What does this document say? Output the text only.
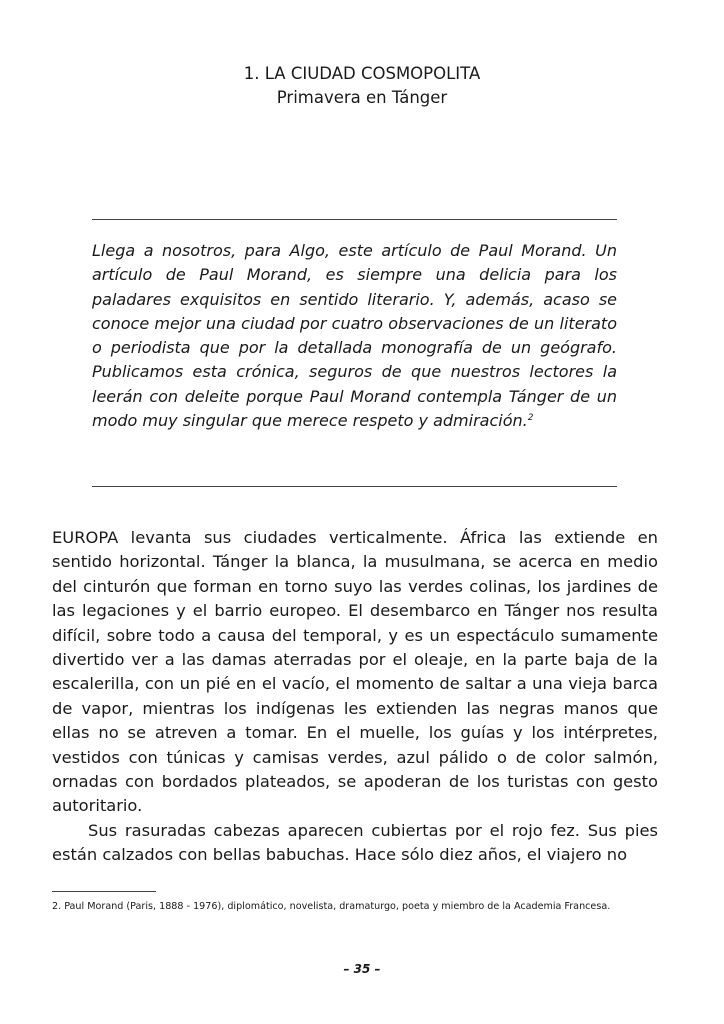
1. LA CIUDAD COSMOPOLITA
Primavera en Tánger

Llega a nosotros, para Algo, este artículo de Paul Morand. Un artículo de Paul Morand, es siempre una delicia para los paladares exquisitos en sentido literario. Y, además, acaso se conoce mejor una ciudad por cuatro observaciones de un literato o periodista que por la detallada monografía de un geógrafo. Publicamos esta crónica, seguros de que nuestros lectores la leerán con deleite porque Paul Morand contempla Tánger de un modo muy singular que merece respeto y admiración.$^2$

EUROPA levanta sus ciudades verticalmente. África las extiende en sentido horizontal. Tánger la blanca, la musulmana, se acerca en medio del cinturón que forman en torno suyo las verdes colinas, los jardines de las legaciones y el barrio europeo. El desembarco en Tánger nos resulta difícil, sobre todo a causa del temporal, y es un espectáculo sumamente divertido ver a las damas aterradas por el oleaje, en la parte baja de la escalerilla, con un pié en el vacío, el momento de saltar a una vieja barca de vapor, mientras los indígenas les extienden las negras manos que ellas no se atreven a tomar. En el muelle, los guías y los intérpretes, vestidos con túnicas y camisas verdes, azul pálido o de color salmón, ornadas con bordados plateados, se apoderan de los turistas con gesto autoritario.

Sus rasuradas cabezas aparecen cubiertas por el rojo fez. Sus pies están calzados con bellas babuchas. Hace sólo diez años, el viajero no

2. Paul Morand (Paris, 1888 - 1976), diplomático, novelista, dramaturgo, poeta y miembro de la Academia Francesa.

– 35 –
